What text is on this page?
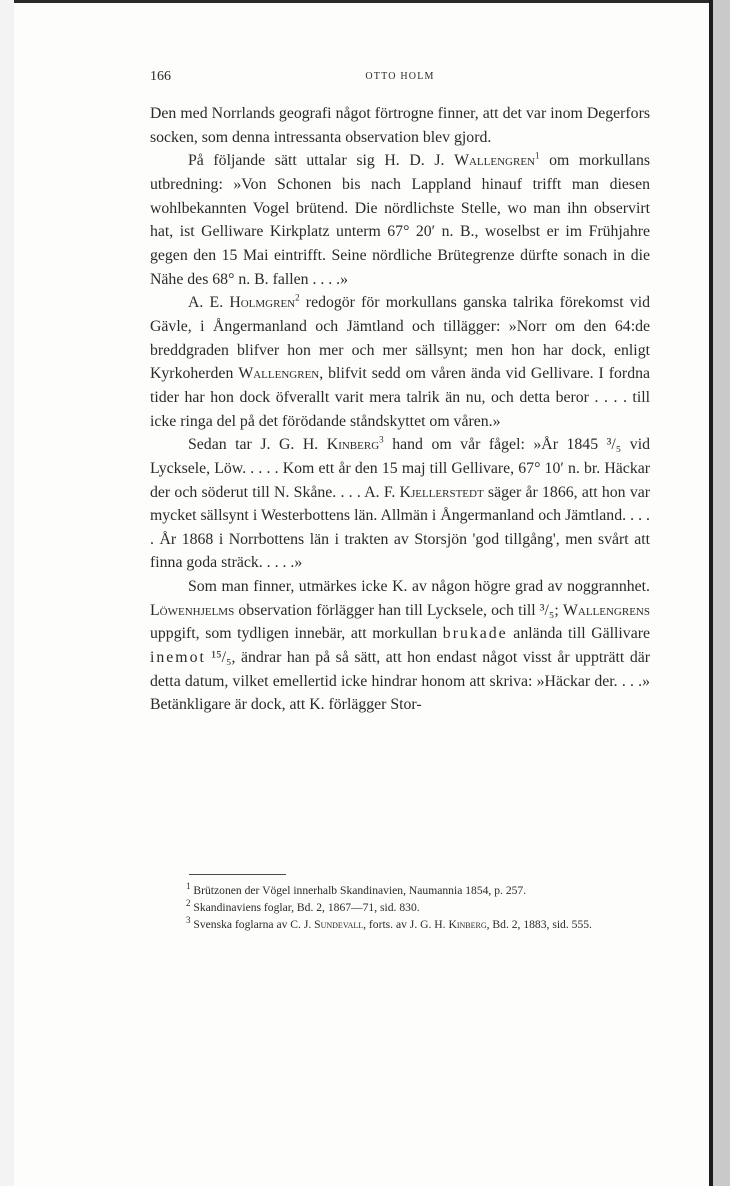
166	OTTO HOLM

Den med Norrlands geografi något förtrogne finner, att det var inom Degerfors socken, som denna intressanta observation blev gjord.

På följande sätt uttalar sig H. D. J. Wallengren$^1$ om morkullans utbredning: »Von Schonen bis nach Lappland hinauf trifft man diesen wohlbekannten Vogel brütend. Die nördlichste Stelle, wo man ihn observirt hat, ist Gelliware Kirkplatz unterm 67° 20′ n. B., woselbst er im Frühjahre gegen den 15 Mai eintrifft. Seine nördliche Brütegrenze dürfte sonach in die Nähe des 68° n. B. fallen . . . .»

A. E. Holmgren$^2$ redogör för morkullans ganska talrika förekomst vid Gävle, i Ångermanland och Jämtland och tillägger: »Norr om den 64:de breddgraden blifver hon mer och mer sällsynt; men hon har dock, enligt Kyrkoherden Wallengren, blifvit sedd om våren ända vid Gellivare. I fordna tider har hon dock öfverallt varit mera talrik än nu, och detta beror . . . . till icke ringa del på det förödande ståndskyttet om våren.»

Sedan tar J. G. H. Kinberg$^3$ hand om vår fågel: »År 1845 ³/₅ vid Lycksele, Löw. . . . . Kom ett år den 15 maj till Gellivare, 67° 10′ n. br. Häckar der och söderut till N. Skåne. . . . A. F. Kjellerstedt säger år 1866, att hon var mycket sällsynt i Westerbottens län. Allmän i Ångermanland och Jämtland. . . . . År 1868 i Norrbottens län i trakten av Storsjön 'god tillgång', men svårt att finna goda sträck. . . . .»

Som man finner, utmärkes icke K. av någon högre grad av noggrannhet. Löwenhjelms observation förlägger han till Lycksele, och till ³/₅; Wallengrens uppgift, som tydligen innebär, att morkullan brukade anlända till Gällivare inemot ¹⁵/₅, ändrar han på så sätt, att hon endast något visst år uppträtt där detta datum, vilket emellertid icke hindrar honom att skriva: »Häckar der. . . .» Betänkligare är dock, att K. förlägger Stor-

$^1$ Brützonen der Vögel innerhalb Skandinavien, Naumannia 1854, p. 257.

$^2$ Skandinaviens foglar, Bd. 2, 1867—71, sid. 830.

$^3$ Svenska foglarna av C. J. Sundevall, forts. av J. G. H. Kinberg, Bd. 2, 1883, sid. 555.
